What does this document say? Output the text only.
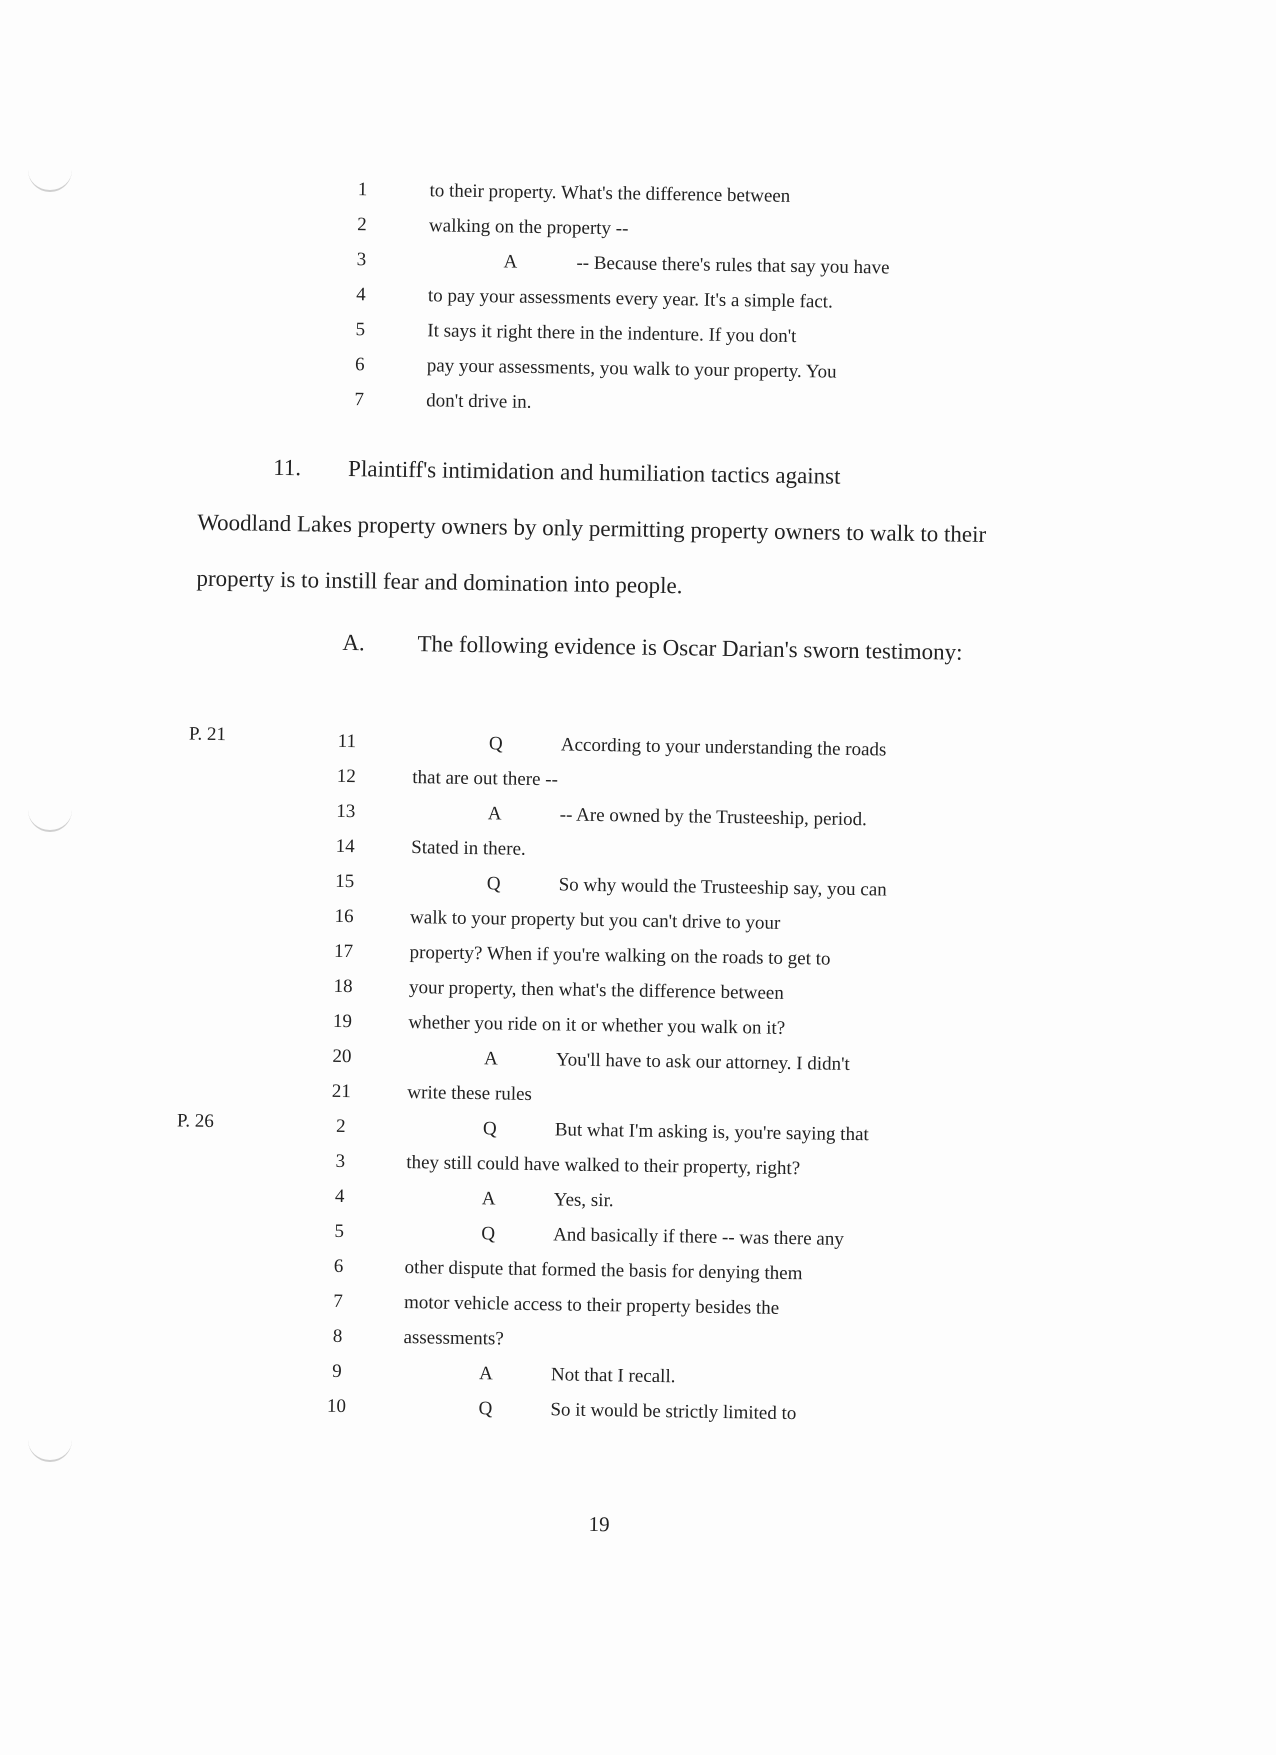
1	to their property. What's the difference between
2	walking on the property --
3	A	-- Because there's rules that say you have
4	to pay your assessments every year. It's a simple fact.
5	It says it right there in the indenture. If you don't
6	pay your assessments, you walk to your property. You
7	don't drive in.
11. Plaintiff's intimidation and humiliation tactics against
Woodland Lakes property owners by only permitting property owners to walk to their
property is to instill fear and domination into people.
A. The following evidence is Oscar Darian's sworn testimony:
P. 21
P. 26
11	Q	According to your understanding the roads
12	that are out there --
13	A	-- Are owned by the Trusteeship, period.
14	Stated in there.
15	Q	So why would the Trusteeship say, you can
16	walk to your property but you can't drive to your
17	property? When if you're walking on the roads to get to
18	your property, then what's the difference between
19	whether you ride on it or whether you walk on it?
20	A	You'll have to ask our attorney. I didn't
21	write these rules
2	Q	But what I'm asking is, you're saying that
3	they still could have walked to their property, right?
4	A	Yes, sir.
5	Q	And basically if there -- was there any
6	other dispute that formed the basis for denying them
7	motor vehicle access to their property besides the
8	assessments?
9	A	Not that I recall.
10	Q	So it would be strictly limited to
19
